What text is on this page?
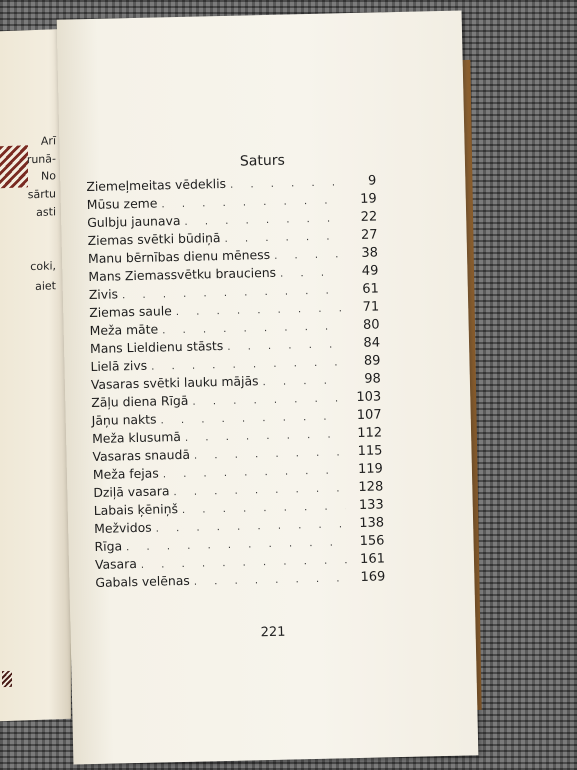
Arī
runā-
No
sārtu
asti
coki,
aiet
Saturs
Ziemeļmeitas vēdeklis . . .	9
Mūsu zeme . . .	19
Gulbju jaunava . . .	22
Ziemas svētki būdiņā . . .	27
Manu bērnības dienu mēness . . .	38
Mans Ziemassvētku brauciens . . .	49
Zivis . . .	61
Ziemas saule . . .	71
Meža māte . . .	80
Mans Lieldienu stāsts . . .	84
Lielā zivs . . .	89
Vasaras svētki lauku mājās . . .	98
Zāļu diena Rīgā . . .	103
Jāņu nakts . . .	107
Meža klusumā . . .	112
Vasaras snaudā . . .	115
Meža fejas . . .	119
Dziļā vasara . . .	128
Labais ķēniņš . . .	133
Mežvidos . . .	138
Rīga . . .	156
Vasara . . .	161
Gabals velēnas . . .	169
221
